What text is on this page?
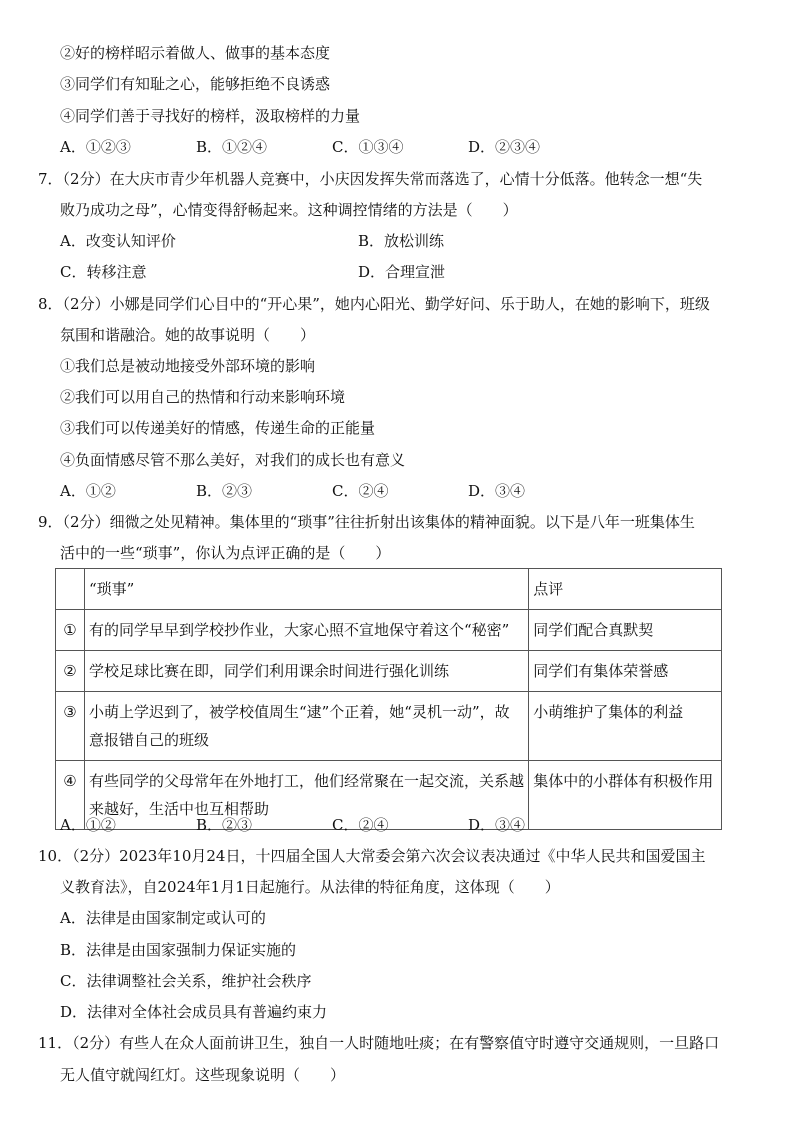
②好的榜样昭示着做人、做事的基本态度
③同学们有知耻之心，能够拒绝不良诱惑
④同学们善于寻找好的榜样，汲取榜样的力量
A．①②③	B．①②④	C．①③④	D．②③④
7．（2分）在大庆市青少年机器人竞赛中，小庆因发挥失常而落选了，心情十分低落。他转念一想“失
败乃成功之母”，心情变得舒畅起来。这种调控情绪的方法是（　　）
A．改变认知评价	B．放松训练
C．转移注意	D．合理宣泄
8．（2分）小娜是同学们心目中的“开心果”，她内心阳光、勤学好问、乐于助人，在她的影响下，班级
氛围和谐融洽。她的故事说明（　　）
①我们总是被动地接受外部环境的影响
②我们可以用自己的热情和行动来影响环境
③我们可以传递美好的情感，传递生命的正能量
④负面情感尽管不那么美好，对我们的成长也有意义
A．①②	B．②③	C．②④	D．③④
9．（2分）细微之处见精神。集体里的“琐事”往往折射出该集体的精神面貌。以下是八年一班集体生
活中的一些“琐事”，你认为点评正确的是（　　）
	“琐事”	点评
①	有的同学早早到学校抄作业，大家心照不宣地保守着这个“秘密”	同学们配合真默契
②	学校足球比赛在即，同学们利用课余时间进行强化训练	同学们有集体荣誉感
③	小萌上学迟到了，被学校值周生“逮”个正着，她“灵机一动”，故意报错自己的班级	小萌维护了集体的利益
④	有些同学的父母常年在外地打工，他们经常聚在一起交流，关系越来越好，生活中也互相帮助	集体中的小群体有积极作用
A．①②	B．②③	C．②④	D．③④
10．（2分）2023年10月24日，十四届全国人大常委会第六次会议表决通过《中华人民共和国爱国主
义教育法》，自2024年1月1日起施行。从法律的特征角度，这体现（　　）
A．法律是由国家制定或认可的
B．法律是由国家强制力保证实施的
C．法律调整社会关系，维护社会秩序
D．法律对全体社会成员具有普遍约束力
11．（2分）有些人在众人面前讲卫生，独自一人时随地吐痰；在有警察值守时遵守交通规则，一旦路口
无人值守就闯红灯。这些现象说明（　　）
